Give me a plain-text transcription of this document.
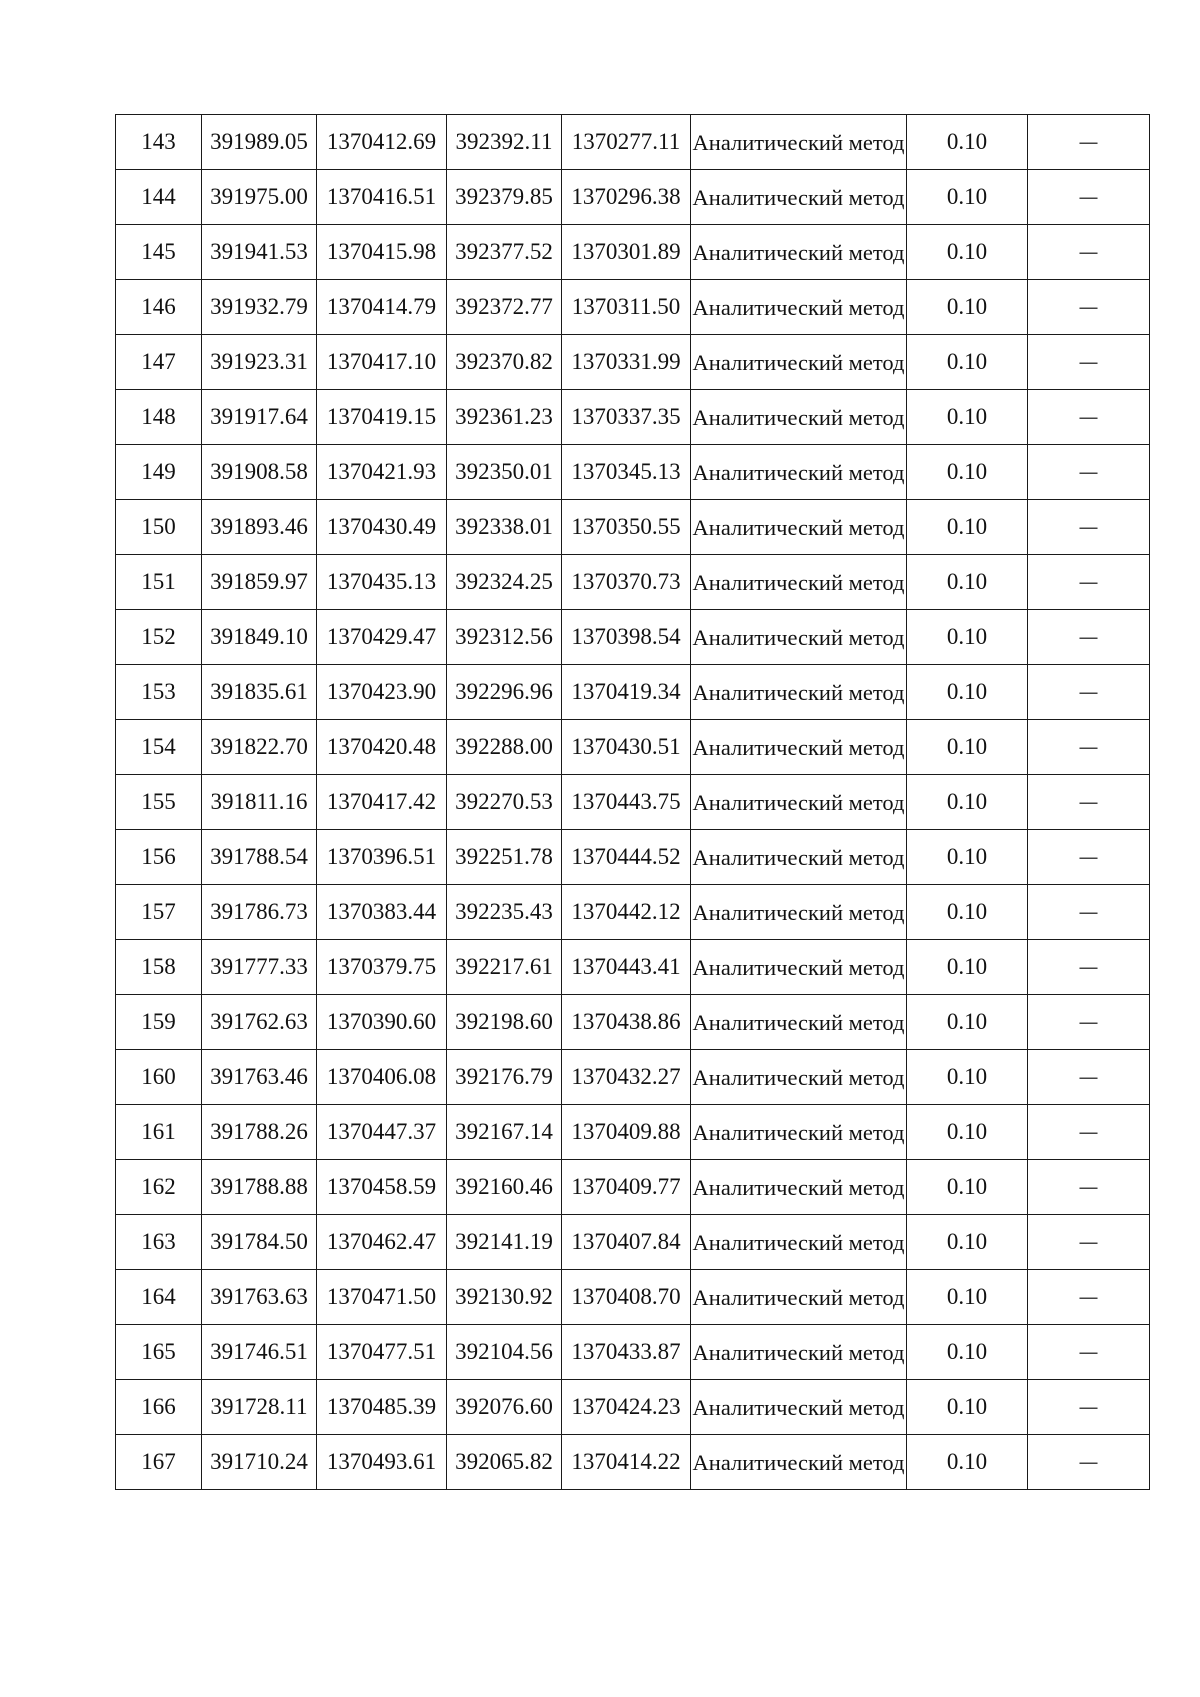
143	391989.05	1370412.69	392392.11	1370277.11	Аналитический метод	0.10	—
144	391975.00	1370416.51	392379.85	1370296.38	Аналитический метод	0.10	—
145	391941.53	1370415.98	392377.52	1370301.89	Аналитический метод	0.10	—
146	391932.79	1370414.79	392372.77	1370311.50	Аналитический метод	0.10	—
147	391923.31	1370417.10	392370.82	1370331.99	Аналитический метод	0.10	—
148	391917.64	1370419.15	392361.23	1370337.35	Аналитический метод	0.10	—
149	391908.58	1370421.93	392350.01	1370345.13	Аналитический метод	0.10	—
150	391893.46	1370430.49	392338.01	1370350.55	Аналитический метод	0.10	—
151	391859.97	1370435.13	392324.25	1370370.73	Аналитический метод	0.10	—
152	391849.10	1370429.47	392312.56	1370398.54	Аналитический метод	0.10	—
153	391835.61	1370423.90	392296.96	1370419.34	Аналитический метод	0.10	—
154	391822.70	1370420.48	392288.00	1370430.51	Аналитический метод	0.10	—
155	391811.16	1370417.42	392270.53	1370443.75	Аналитический метод	0.10	—
156	391788.54	1370396.51	392251.78	1370444.52	Аналитический метод	0.10	—
157	391786.73	1370383.44	392235.43	1370442.12	Аналитический метод	0.10	—
158	391777.33	1370379.75	392217.61	1370443.41	Аналитический метод	0.10	—
159	391762.63	1370390.60	392198.60	1370438.86	Аналитический метод	0.10	—
160	391763.46	1370406.08	392176.79	1370432.27	Аналитический метод	0.10	—
161	391788.26	1370447.37	392167.14	1370409.88	Аналитический метод	0.10	—
162	391788.88	1370458.59	392160.46	1370409.77	Аналитический метод	0.10	—
163	391784.50	1370462.47	392141.19	1370407.84	Аналитический метод	0.10	—
164	391763.63	1370471.50	392130.92	1370408.70	Аналитический метод	0.10	—
165	391746.51	1370477.51	392104.56	1370433.87	Аналитический метод	0.10	—
166	391728.11	1370485.39	392076.60	1370424.23	Аналитический метод	0.10	—
167	391710.24	1370493.61	392065.82	1370414.22	Аналитический метод	0.10	—
